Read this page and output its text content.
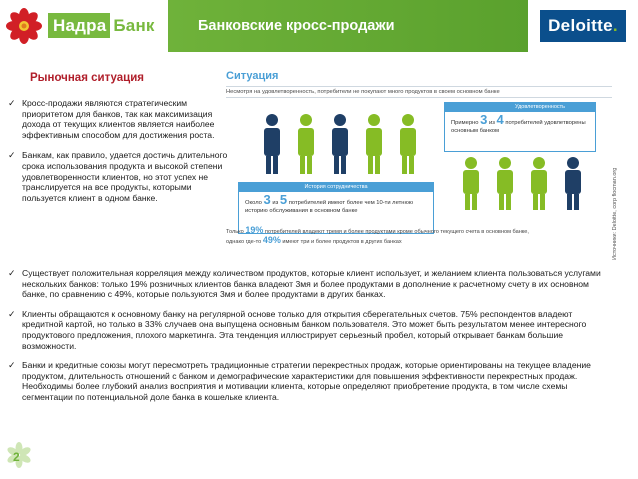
Надра Банк	Банковские кросс-продажи	Deloitte.
Рыночная ситуация
✓ Кросс-продажи являются стратегическим приоритетом для банков, так как максимизация дохода от текущих клиентов является наиболее эффективным способом для достижения роста.
✓ Банкам, как правило, удается достичь длительного срока использования продукта и высокой степени удовлетворенности клиентов, но этот успех не транслируется на все продукты, которыми пользуется клиент в одном банке.
Ситуация
Несмотря на удовлетворенность, потребители не покупают много продуктов в своем основном банке
Удовлетворенность
Примерно 3 из 4 потребителей удовлетворены основным банком
История сотрудничества
Около 3 из 5 потребителей имеют более чем 10-ти летнюю историю обслуживания в основном банке
Только 19% потребителей владеют тремя и более продуктами кроме обычного текущего счета в основном банке,
однако где-то 49% имеют три и более продуктов в других банках	Источники: Deloitte, corp flocman.org
✓ Существует положительная корреляция между количеством продуктов, которые клиент использует, и желанием клиента пользоваться услугами нескольких банков: только 19% розничных клиентов банка владеют 3мя и более продуктами в дополнение к расчетному счету в их основном банке, по сравнению с 49%, которые пользуются 3мя и более продуктами в других банках.
✓ Клиенты обращаются к основному банку на регулярной основе только для открытия сберегательных счетов. 75% респондентов владеют кредитной картой, но только в 33% случаев она выпущена основным банком пользователя. Это может быть результатом менее интересного продуктового предложения, плохого маркетинга. Эта тенденция иллюстрирует серьезный пробел, который открывает банкам большие возможности.
✓ Банки и кредитные союзы могут пересмотреть традиционные стратегии перекрестных продаж, которые ориентированы на текущее владение продуктом, длительность отношений с банком и демографические характеристики для повышения эффективности перекрестных продаж. Необходимы более глубокий анализ восприятия и мотивации клиента, которые определяют приобретение продукта, в том числе схемы сегментации по потенциальной доле банка в кошельке клиента.
2
